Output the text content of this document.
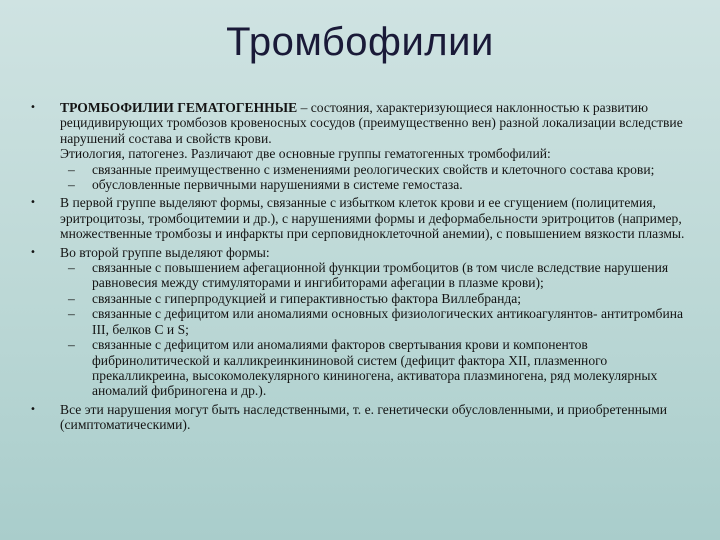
Тромбофилии
• ТРОМБОФИЛИИ ГЕМАТОГЕННЫЕ – состояния, характеризующиеся наклонностью к развитию рецидивирующих тромбозов кровеносных сосудов (преимущественно вен) разной локализации вследствие нарушений состава и свойств крови.
Этиология, патогенез. Различают две основные группы гематогенных тромбофилий:
– связанные преимущественно с изменениями реологических свойств и клеточного состава крови;
– обусловленные первичными нарушениями в системе гемостаза.
• В первой группе выделяют формы, связанные с избытком клеток крови и ее сгущением (полицитемия, эритроцитозы, тромбоцитемии и др.), с нарушениями формы и деформабельности эритроцитов (например, множественные тромбозы и инфаркты при серповидноклеточной анемии), с повышением вязкости плазмы.
• Во второй группе выделяют формы:
– связанные с повышением афегационной функции тромбоцитов (в том числе вследствие нарушения равновесия между стимуляторами и ингибиторами афегации в плазме крови);
– связанные с гиперпродукцией и гиперактивностью фактора Виллебранда;
– связанные с дефицитом или аномалиями основных физиологических антикоагулянтов- антитромбина III, белков С и S;
– связанные с дефицитом или аномалиями факторов свертывания крови и компонентов фибринолитической и калликреинкининовой систем (дефицит фактора XII, плазменного прекалликреина, высокомолекулярного кининогена, активатора плазминогена, ряд молекулярных аномалий фибриногена и др.).
• Все эти нарушения могут быть наследственными, т. е. генетически обусловленными, и приобретенными (симптоматическими).
